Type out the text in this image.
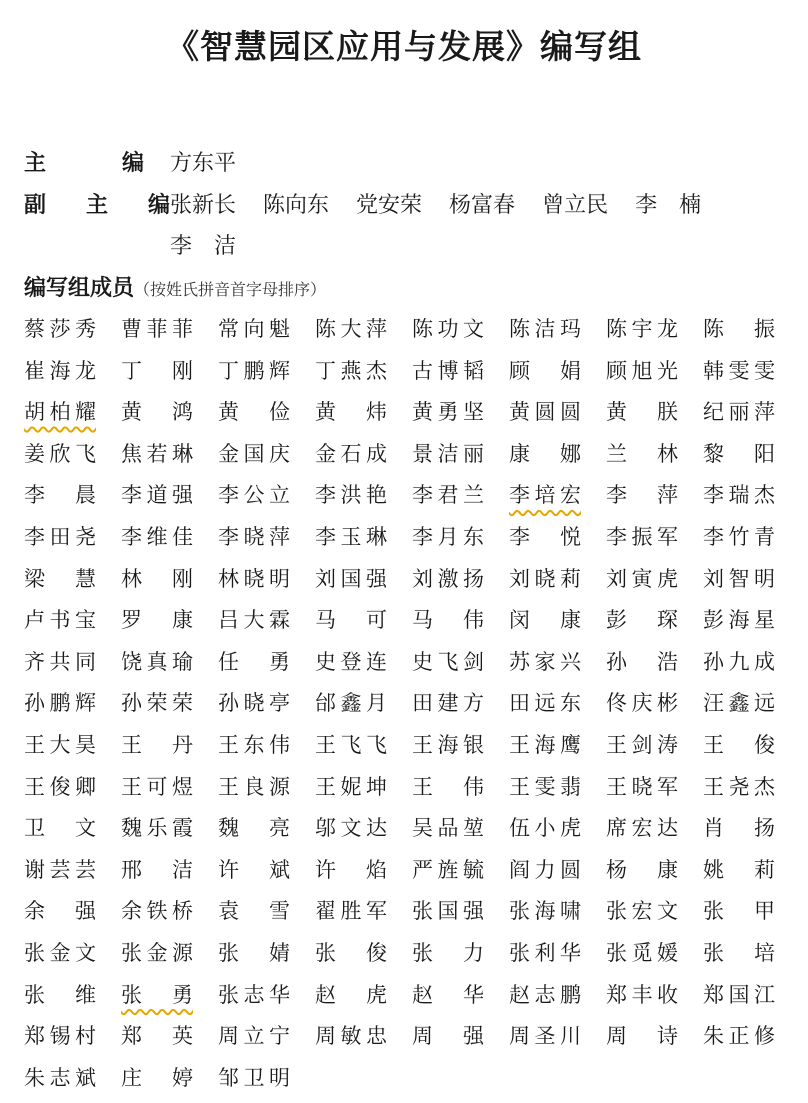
《智慧园区应用与发展》编写组
主	编 方东平
副 主 编 张新长 陈向东 党安荣 杨富春 曾立民 李　楠
李　洁
编写组成员（按姓氏拼音首字母排序）
蔡莎秀	曹菲菲	常向魁	陈大萍	陈功文	陈洁玛	陈宇龙	陈　振
崔海龙	丁　刚	丁鹏辉	丁燕杰	古博韬	顾　娟	顾旭光	韩雯雯
胡柏耀	黄　鸿	黄　俭	黄　炜	黄勇坚	黄圆圆	黄　朕	纪丽萍
姜欣飞	焦若琳	金国庆	金石成	景洁丽	康　娜	兰　林	黎　阳
李　晨	李道强	李公立	李洪艳	李君兰	李培宏	李　萍	李瑞杰
李田尧	李维佳	李晓萍	李玉琳	李月东	李　悦	李振军	李竹青
梁　慧	林　刚	林晓明	刘国强	刘激扬	刘晓莉	刘寅虎	刘智明
卢书宝	罗　康	吕大霖	马　可	马　伟	闵　康	彭　琛	彭海星
齐共同	饶真瑜	任　勇	史登连	史飞剑	苏家兴	孙　浩	孙九成
孙鹏辉	孙荣荣	孙晓亭	邰鑫月	田建方	田远东	佟庆彬	汪鑫远
王大昊	王　丹	王东伟	王飞飞	王海银	王海鹰	王剑涛	王　俊
王俊卿	王可煜	王良源	王妮坤	王　伟	王雯翡	王晓军	王尧杰
卫　文	魏乐霞	魏　亮	邬文达	吴品堃	伍小虎	席宏达	肖　扬
谢芸芸	邢　洁	许　斌	许　焰	严旌毓	阎力圆	杨　康	姚　莉
余　强	余铁桥	袁　雪	翟胜军	张国强	张海啸	张宏文	张　甲
张金文	张金源	张　婧	张　俊	张　力	张利华	张觅媛	张　培
张　维	张　勇	张志华	赵　虎	赵　华	赵志鹏	郑丰收	郑国江
郑锡村	郑　英	周立宁	周敏忠	周　强	周圣川	周　诗	朱正修
朱志斌	庄　婷	邹卫明
